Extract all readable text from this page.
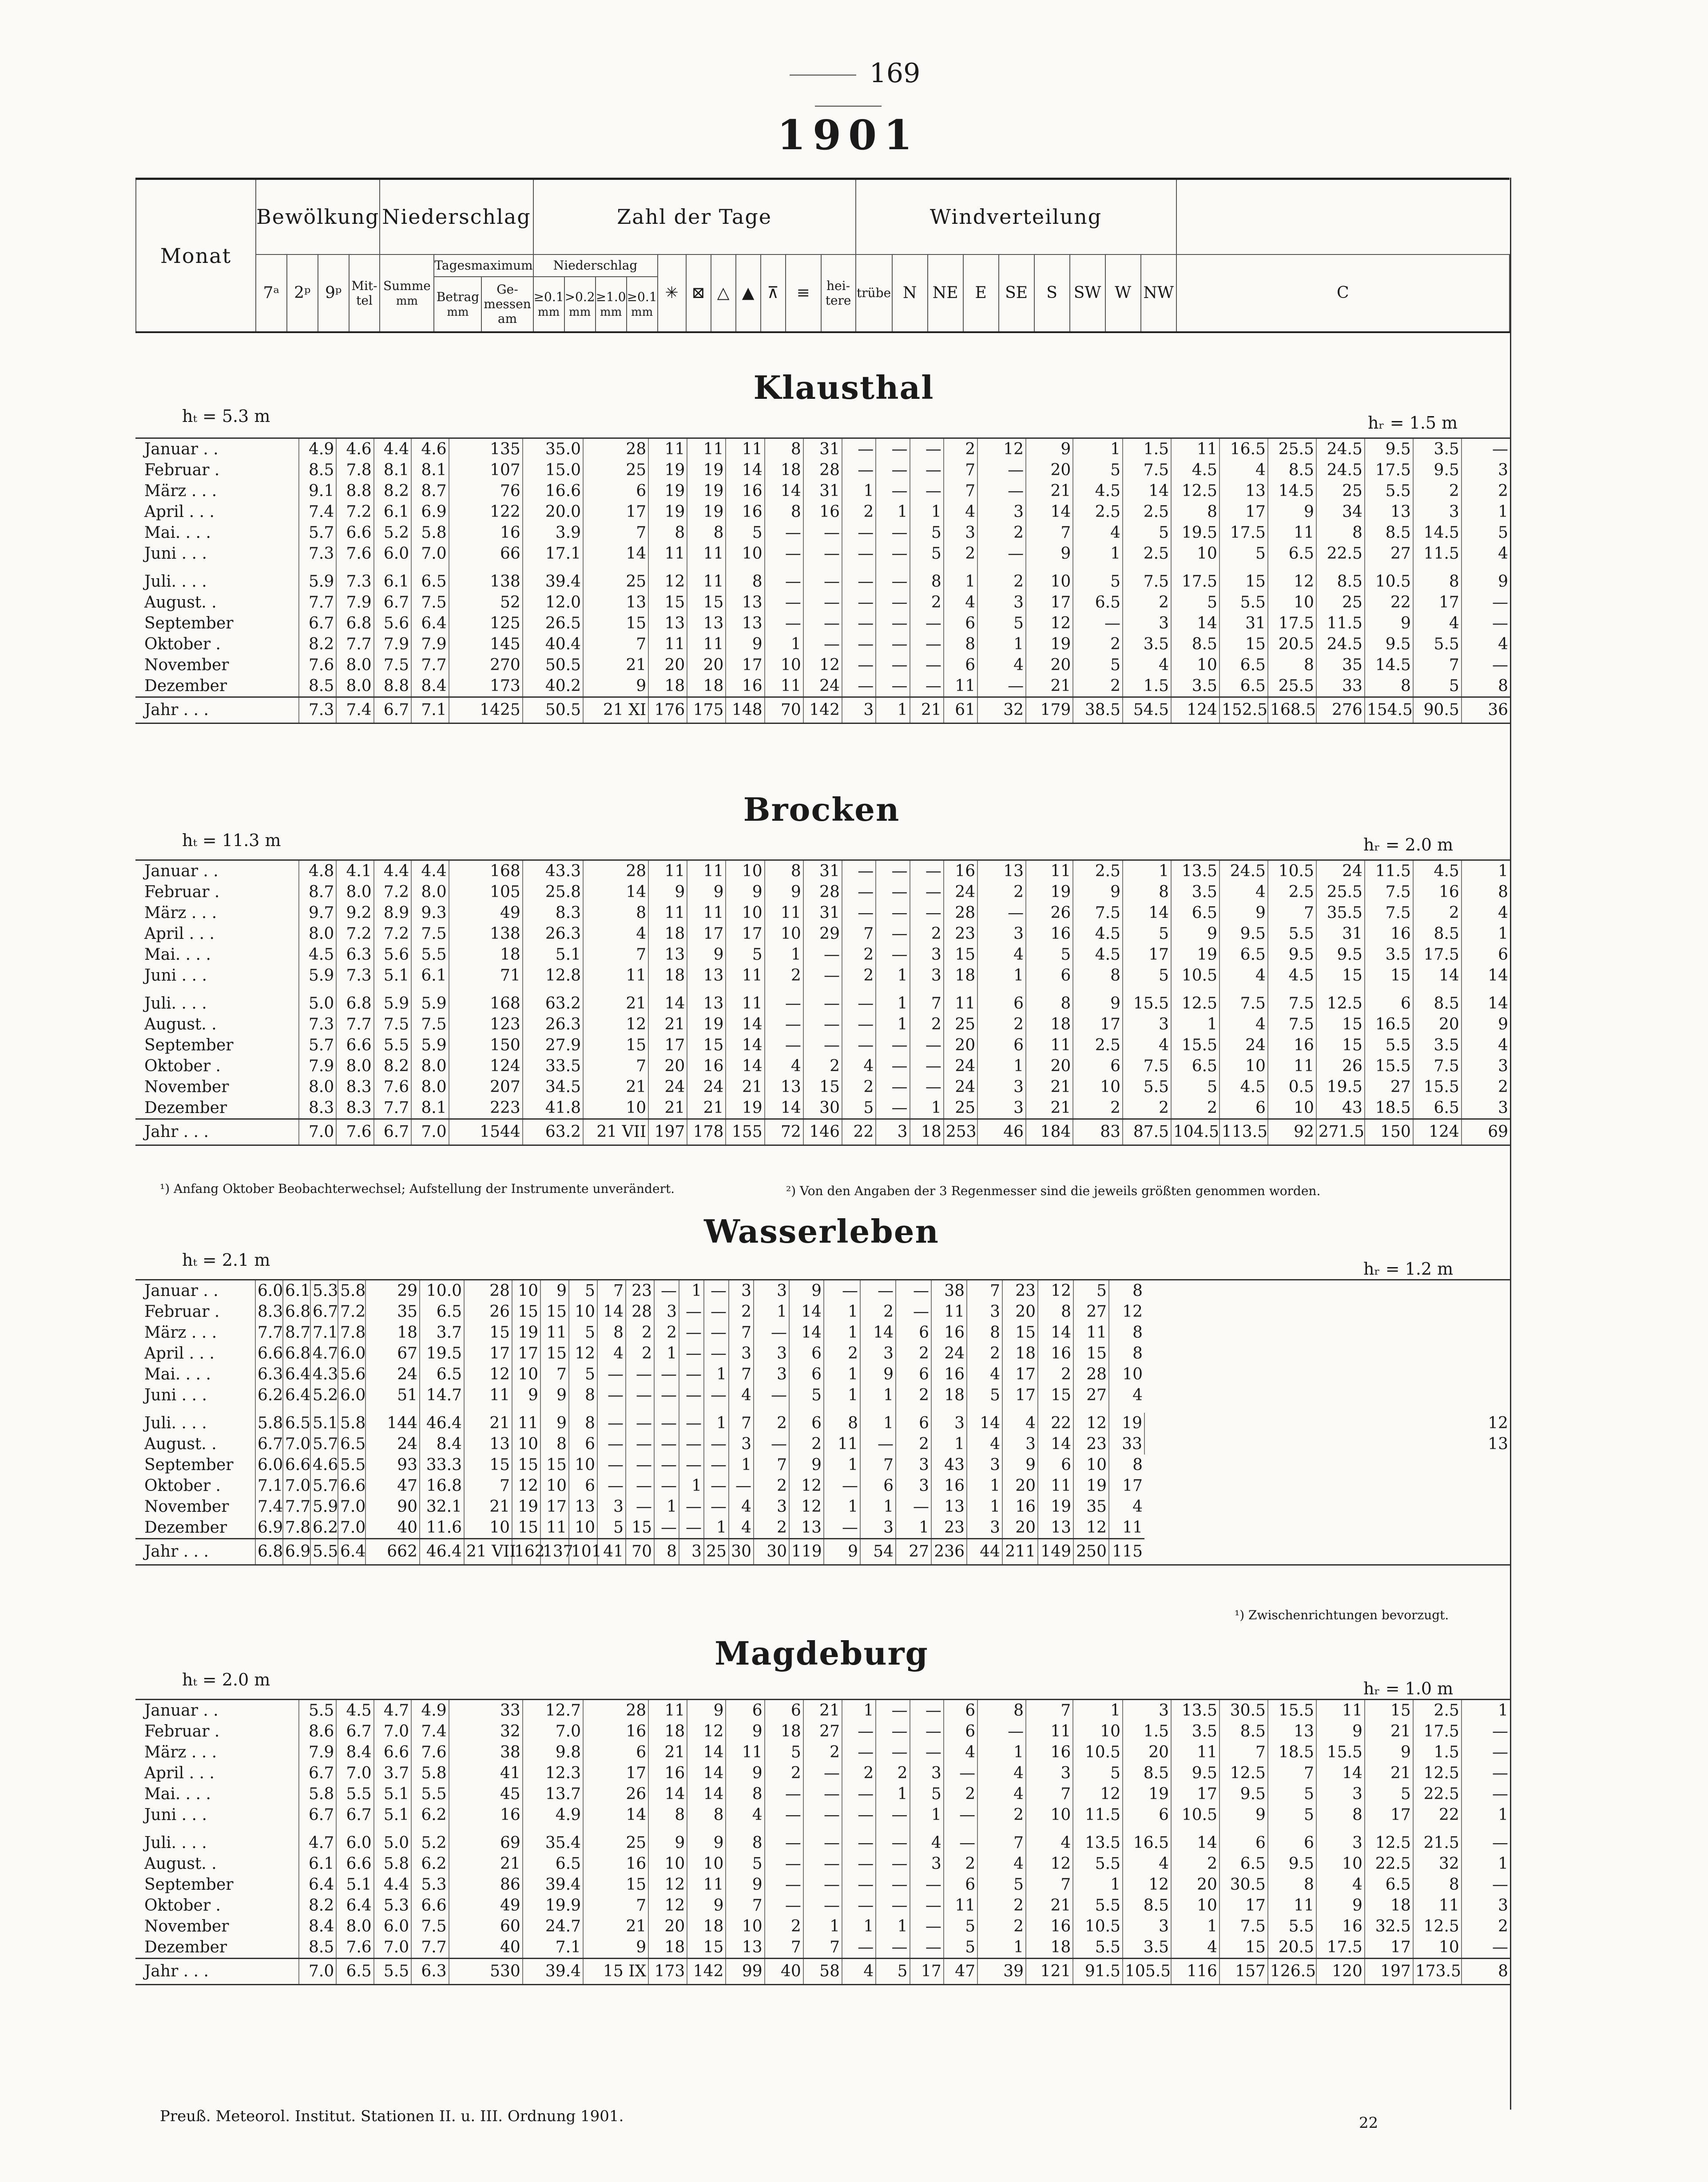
169
1901
Monat	Bewölkung				Niederschlag			Zahl der Tage											Windverteilung									
	7ᵃ	2ᵖ	9ᵖ	Mit-tel	Summe
mm	Tagesmaximum		Niederschlag				✳	⊠	△	▲	⊼	≡	hei-tere	trübe	N	NE	E	SE	S	SW	W	NW	C
						Betrag
mm	Ge-messen am	≥0.1
mm	>0.2
mm	≥1.0
mm	≥0.1
mm																	
Klausthal
hₜ = 5.3 m	hᵣ = 1.5 m
Januar . .	4.9	4.6	4.4	4.6	135	35.0	28	11	11	11	8	31	—	—	—	2	12	9	1	1.5	11	16.5	25.5	24.5	9.5	3.5	—
Februar .	8.5	7.8	8.1	8.1	107	15.0	25	19	19	14	18	28	—	—	—	7	—	20	5	7.5	4.5	4	8.5	24.5	17.5	9.5	3
März . . .	9.1	8.8	8.2	8.7	76	16.6	6	19	19	16	14	31	1	—	—	7	—	21	4.5	14	12.5	13	14.5	25	5.5	2	2
April . . .	7.4	7.2	6.1	6.9	122	20.0	17	19	19	16	8	16	2	1	1	4	3	14	2.5	2.5	8	17	9	34	13	3	1
Mai. . . .	5.7	6.6	5.2	5.8	16	3.9	7	8	8	5	—	—	—	—	5	3	2	7	4	5	19.5	17.5	11	8	8.5	14.5	5
Juni . . .	7.3	7.6	6.0	7.0	66	17.1	14	11	11	10	—	—	—	—	5	2	—	9	1	2.5	10	5	6.5	22.5	27	11.5	4

Juli. . . .	5.9	7.3	6.1	6.5	138	39.4	25	12	11	8	—	—	—	—	8	1	2	10	5	7.5	17.5	15	12	8.5	10.5	8	9
August. .	7.7	7.9	6.7	7.5	52	12.0	13	15	15	13	—	—	—	—	2	4	3	17	6.5	2	5	5.5	10	25	22	17	—
September	6.7	6.8	5.6	6.4	125	26.5	15	13	13	13	—	—	—	—	—	6	5	12	—	3	14	31	17.5	11.5	9	4	—
Oktober .	8.2	7.7	7.9	7.9	145	40.4	7	11	11	9	1	—	—	—	—	8	1	19	2	3.5	8.5	15	20.5	24.5	9.5	5.5	4
November	7.6	8.0	7.5	7.7	270	50.5	21	20	20	17	10	12	—	—	—	6	4	20	5	4	10	6.5	8	35	14.5	7	—
Dezember	8.5	8.0	8.8	8.4	173	40.2	9	18	18	16	11	24	—	—	—	11	—	21	2	1.5	3.5	6.5	25.5	33	8	5	8
Jahr . . .	7.3	7.4	6.7	7.1	1425	50.5	21 XI	176	175	148	70	142	3	1	21	61	32	179	38.5	54.5	124	152.5	168.5	276	154.5	90.5	36
Brocken
hₜ = 11.3 m	hᵣ = 2.0 m
Januar . .	4.8	4.1	4.4	4.4	168	43.3	28	11	11	10	8	31	—	—	—	16	13	11	2.5	1	13.5	24.5	10.5	24	11.5	4.5	1
Februar .	8.7	8.0	7.2	8.0	105	25.8	14	9	9	9	9	28	—	—	—	24	2	19	9	8	3.5	4	2.5	25.5	7.5	16	8
März . . .	9.7	9.2	8.9	9.3	49	8.3	8	11	11	10	11	31	—	—	—	28	—	26	7.5	14	6.5	9	7	35.5	7.5	2	4
April . . .	8.0	7.2	7.2	7.5	138	26.3	4	18	17	17	10	29	7	—	2	23	3	16	4.5	5	9	9.5	5.5	31	16	8.5	1
Mai. . . .	4.5	6.3	5.6	5.5	18	5.1	7	13	9	5	1	—	2	—	3	15	4	5	4.5	17	19	6.5	9.5	9.5	3.5	17.5	6
Juni . . .	5.9	7.3	5.1	6.1	71	12.8	11	18	13	11	2	—	2	1	3	18	1	6	8	5	10.5	4	4.5	15	15	14	14

Juli. . . .	5.0	6.8	5.9	5.9	168	63.2	21	14	13	11	—	—	—	1	7	11	6	8	9	15.5	12.5	7.5	7.5	12.5	6	8.5	14
August. .	7.3	7.7	7.5	7.5	123	26.3	12	21	19	14	—	—	—	1	2	25	2	18	17	3	1	4	7.5	15	16.5	20	9
September	5.7	6.6	5.5	5.9	150	27.9	15	17	15	14	—	—	—	—	—	20	6	11	2.5	4	15.5	24	16	15	5.5	3.5	4
Oktober .	7.9	8.0	8.2	8.0	124	33.5	7	20	16	14	4	2	4	—	—	24	1	20	6	7.5	6.5	10	11	26	15.5	7.5	3
November	8.0	8.3	7.6	8.0	207	34.5	21	24	24	21	13	15	2	—	—	24	3	21	10	5.5	5	4.5	0.5	19.5	27	15.5	2
Dezember	8.3	8.3	7.7	8.1	223	41.8	10	21	21	19	14	30	5	—	1	25	3	21	2	2	2	6	10	43	18.5	6.5	3
Jahr . . .	7.0	7.6	6.7	7.0	1544	63.2	21 VII	197	178	155	72	146	22	3	18	253	46	184	83	87.5	104.5	113.5	92	271.5	150	124	69
¹) Anfang Oktober Beobachterwechsel; Aufstellung der Instrumente unverändert.	²) Von den Angaben der 3 Regenmesser sind die jeweils größten genommen worden.
Wasserleben
hₜ = 2.1 m	hᵣ = 1.2 m
Januar . .	6.0	6.1	5.3	5.8	29	10.0	28	10	9	5	7	23	—	1	—	3	3	9	—	—	—	38	7	23	12	5	8	
Februar .	8.3	6.8	6.7	7.2	35	6.5	26	15	15	10	14	28	3	—	—	2	1	14	1	2	—	11	3	20	8	27	12	
März . . .	7.7	8.7	7.1	7.8	18	3.7	15	19	11	5	8	2	2	—	—	7	—	14	1	14	6	16	8	15	14	11	8	
April . . .	6.6	6.8	4.7	6.0	67	19.5	17	17	15	12	4	2	1	—	—	3	3	6	2	3	2	24	2	18	16	15	8	
Mai. . . .	6.3	6.4	4.3	5.6	24	6.5	12	10	7	5	—	—	—	—	1	7	3	6	1	9	6	16	4	17	2	28	10	
Juni . . .	6.2	6.4	5.2	6.0	51	14.7	11	9	9	8	—	—	—	—	—	4	—	5	1	1	2	18	5	17	15	27	4	

Juli. . . .	5.8	6.5	5.1	5.8	144	46.4	21	11	9	8	—	—	—	—	1	7	2	6	8	1	6	3	14	4	22	12	19	12
August. .	6.7	7.0	5.7	6.5	24	8.4	13	10	8	6	—	—	—	—	—	3	—	2	11	—	2	1	4	3	14	23	33	13
September	6.0	6.6	4.6	5.5	93	33.3	15	15	15	10	—	—	—	—	—	1	7	9	1	7	3	43	3	9	6	10	8	
Oktober .	7.1	7.0	5.7	6.6	47	16.8	7	12	10	6	—	—	—	1	—	—	2	12	—	6	3	16	1	20	11	19	17	
November	7.4	7.7	5.9	7.0	90	32.1	21	19	17	13	3	—	1	—	—	4	3	12	1	1	—	13	1	16	19	35	4	
Dezember	6.9	7.8	6.2	7.0	40	11.6	10	15	11	10	5	15	—	—	1	4	2	13	—	3	1	23	3	20	13	12	11	
Jahr . . .	6.8	6.9	5.5	6.4	662	46.4	21 VII	162	137	101	41	70	8	3	25	30	30	119	9	54	27	236	44	211	149	250	115	
¹) Zwischenrichtungen bevorzugt.
Magdeburg
hₜ = 2.0 m	hᵣ = 1.0 m
Januar . .	5.5	4.5	4.7	4.9	33	12.7	28	11	9	6	6	21	1	—	—	6	8	7	1	3	13.5	30.5	15.5	11	15	2.5	1
Februar .	8.6	6.7	7.0	7.4	32	7.0	16	18	12	9	18	27	—	—	—	6	—	11	10	1.5	3.5	8.5	13	9	21	17.5	—
März . . .	7.9	8.4	6.6	7.6	38	9.8	6	21	14	11	5	2	—	—	—	4	1	16	10.5	20	11	7	18.5	15.5	9	1.5	—
April . . .	6.7	7.0	3.7	5.8	41	12.3	17	16	14	9	2	—	2	2	3	—	4	3	5	8.5	9.5	12.5	7	14	21	12.5	—
Mai. . . .	5.8	5.5	5.1	5.5	45	13.7	26	14	14	8	—	—	—	1	5	2	4	7	12	19	17	9.5	5	3	5	22.5	—
Juni . . .	6.7	6.7	5.1	6.2	16	4.9	14	8	8	4	—	—	—	—	1	—	2	10	11.5	6	10.5	9	5	8	17	22	1

Juli. . . .	4.7	6.0	5.0	5.2	69	35.4	25	9	9	8	—	—	—	—	4	—	7	4	13.5	16.5	14	6	6	3	12.5	21.5	—
August. .	6.1	6.6	5.8	6.2	21	6.5	16	10	10	5	—	—	—	—	3	2	4	12	5.5	4	2	6.5	9.5	10	22.5	32	1
September	6.4	5.1	4.4	5.3	86	39.4	15	12	11	9	—	—	—	—	—	6	5	7	1	12	20	30.5	8	4	6.5	8	—
Oktober .	8.2	6.4	5.3	6.6	49	19.9	7	12	9	7	—	—	—	—	—	11	2	21	5.5	8.5	10	17	11	9	18	11	3
November	8.4	8.0	6.0	7.5	60	24.7	21	20	18	10	2	1	1	1	—	5	2	16	10.5	3	1	7.5	5.5	16	32.5	12.5	2
Dezember	8.5	7.6	7.0	7.7	40	7.1	9	18	15	13	7	7	—	—	—	5	1	18	5.5	3.5	4	15	20.5	17.5	17	10	—
Jahr . . .	7.0	6.5	5.5	6.3	530	39.4	15 IX	173	142	99	40	58	4	5	17	47	39	121	91.5	105.5	116	157	126.5	120	197	173.5	8
Preuß. Meteorol. Institut. Stationen II. u. III. Ordnung 1901.	22
